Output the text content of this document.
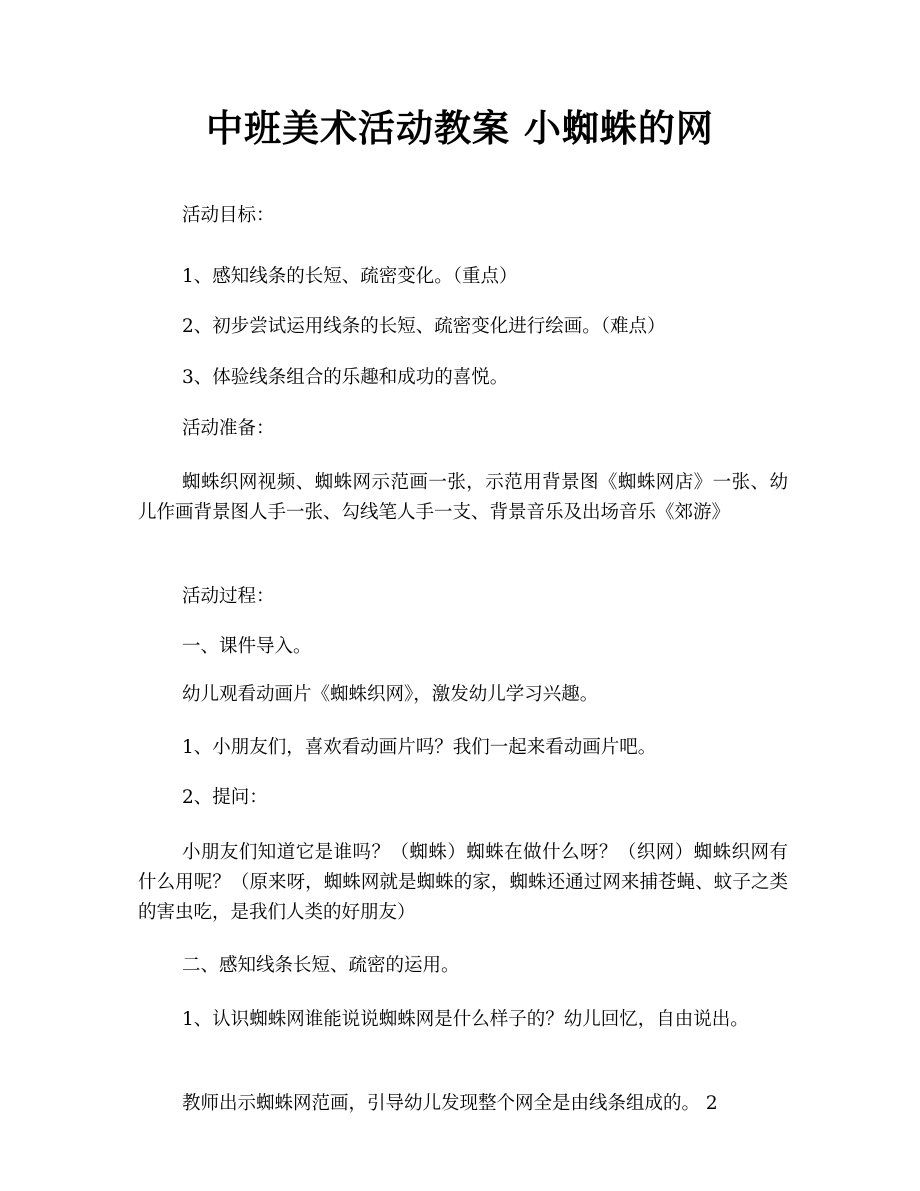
中班美术活动教案 小蜘蛛的网

活动目标：

1、感知线条的长短、疏密变化。（重点）

2、初步尝试运用线条的长短、疏密变化进行绘画。（难点）

3、体验线条组合的乐趣和成功的喜悦。

活动准备：

蜘蛛织网视频、蜘蛛网示范画一张，示范用背景图《蜘蛛网店》一张、幼儿作画背景图人手一张、勾线笔人手一支、背景音乐及出场音乐《郊游》

活动过程：

一、课件导入。

幼儿观看动画片《蜘蛛织网》，激发幼儿学习兴趣。

1、小朋友们，喜欢看动画片吗？我们一起来看动画片吧。

2、提问：

小朋友们知道它是谁吗？（蜘蛛）蜘蛛在做什么呀？（织网）蜘蛛织网有什么用呢？（原来呀，蜘蛛网就是蜘蛛的家，蜘蛛还通过网来捕苍蝇、蚊子之类的害虫吃，是我们人类的好朋友）

二、感知线条长短、疏密的运用。

1、认识蜘蛛网谁能说说蜘蛛网是什么样子的？幼儿回忆，自由说出。

教师出示蜘蛛网范画，引导幼儿发现整个网全是由线条组成的。 2
